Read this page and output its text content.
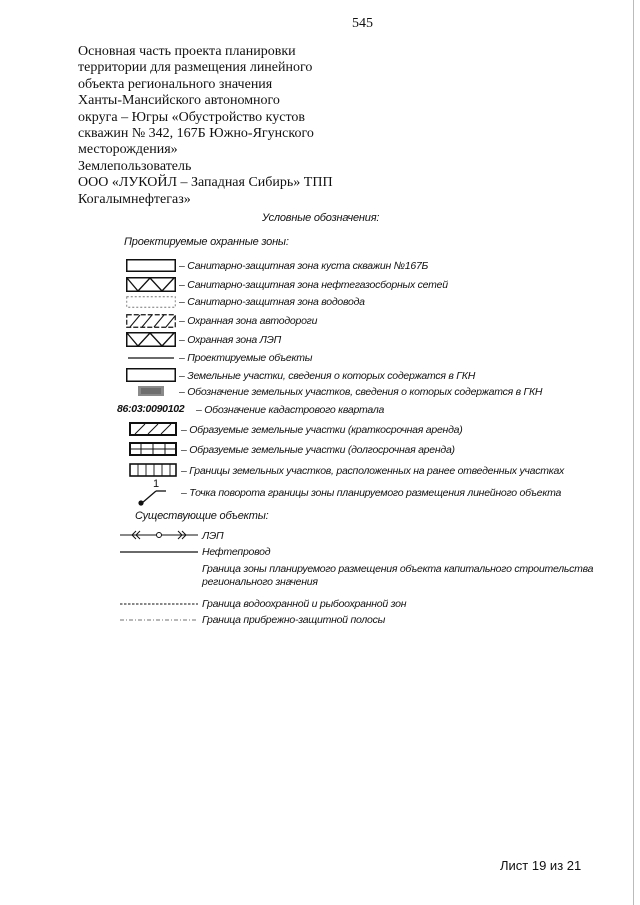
545
Основная часть проекта планировки
территории для размещения линейного
объекта регионального значения
Ханты-Мансийского автономного
округа – Югры «Обустройство кустов
скважин № 342, 167Б Южно-Ягунского
месторождения»
Землепользователь
ООО «ЛУКОЙЛ – Западная Сибирь» ТПП
Когалымнефтегаз»
Условные обозначения:
Проектируемые охранные зоны:
– Санитарно-защитная зона куста скважин №167Б
– Санитарно-защитная зона нефтегазосборных сетей
– Санитарно-защитная зона водовода
– Охранная зона автодороги
– Охранная зона ЛЭП
– Проектируемые объекты
– Земельные участки, сведения о которых содержатся в ГКН
– Обозначение земельных участков, сведения о которых содержатся в ГКН
86:03:0090102 – Обозначение кадастрового квартала
– Образуемые земельные участки (краткосрочная аренда)
– Образуемые земельные участки (долгосрочная аренда)
– Границы земельных участков, расположенных на ранее отведенных участках
1
– Точка поворота границы зоны планируемого размещения линейного объекта
Существующие объекты:
ЛЭП
Нефтепровод
Граница зоны планируемого размещения объекта капитального строительства
регионального значения
Граница водоохранной и рыбоохранной зон
Граница прибрежно-защитной полосы
Лист 19 из 21
